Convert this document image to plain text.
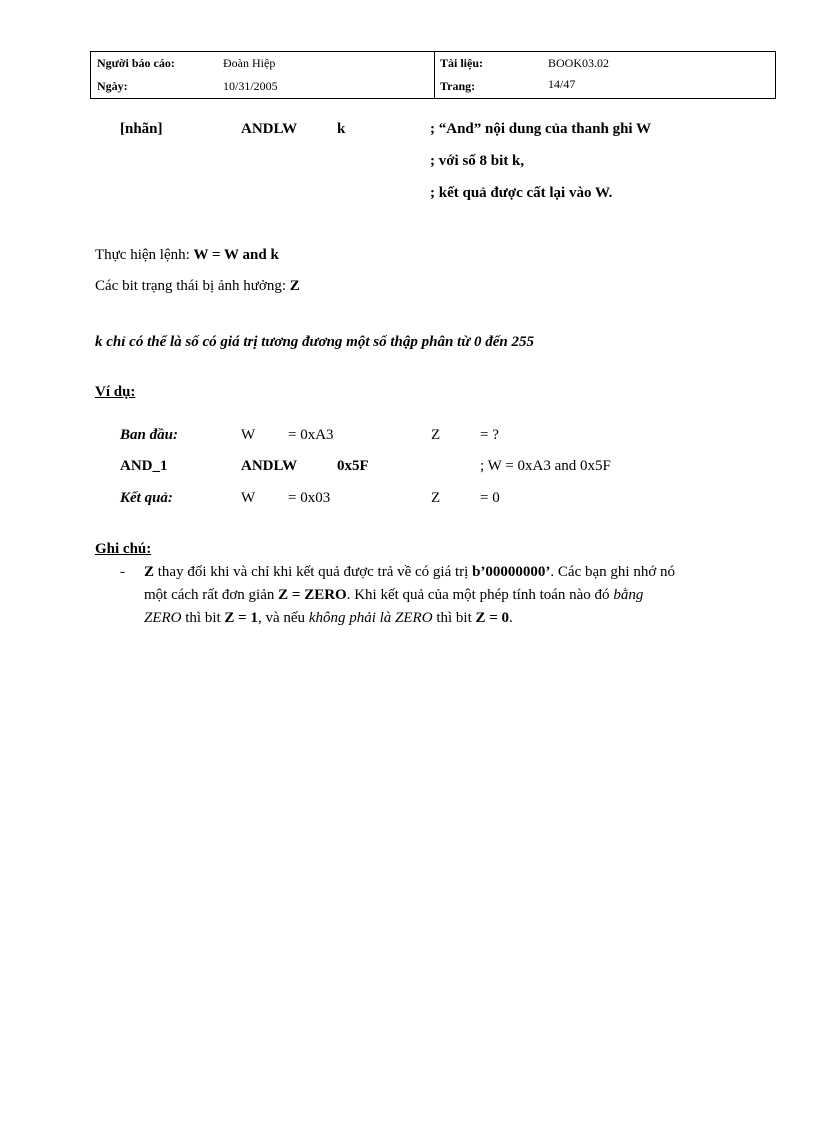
Người báo cáo:	Đoàn Hiệp
Ngày:	10/31/2005
Tài liệu:	BOOK03.02
Trang:	14/47
[nhãn]	ANDLW	k	; “And” nội dung của thanh ghi W
; với số 8 bit k,
; kết quả được cất lại vào W.
Thực hiện lệnh: W = W and k
Các bit trạng thái bị ảnh hưởng: Z
k chỉ có thể là số có giá trị tương đương một số thập phân từ 0 đến 255
Ví dụ:
Ban đầu:	W = 0xA3	Z	= ?
AND_1	ANDLW	0x5F	; W = 0xA3 and 0x5F
Kết quả:	W = 0x03	Z	= 0
Ghi chú:
- Z thay đổi khi và chỉ khi kết quả được trả về có giá trị b’00000000’. Các bạn ghi nhớ nó
một cách rất đơn giản Z = ZERO. Khi kết quả của một phép tính toán nào đó bằng
ZERO thì bit Z = 1, và nếu không phải là ZERO thì bit Z = 0.
